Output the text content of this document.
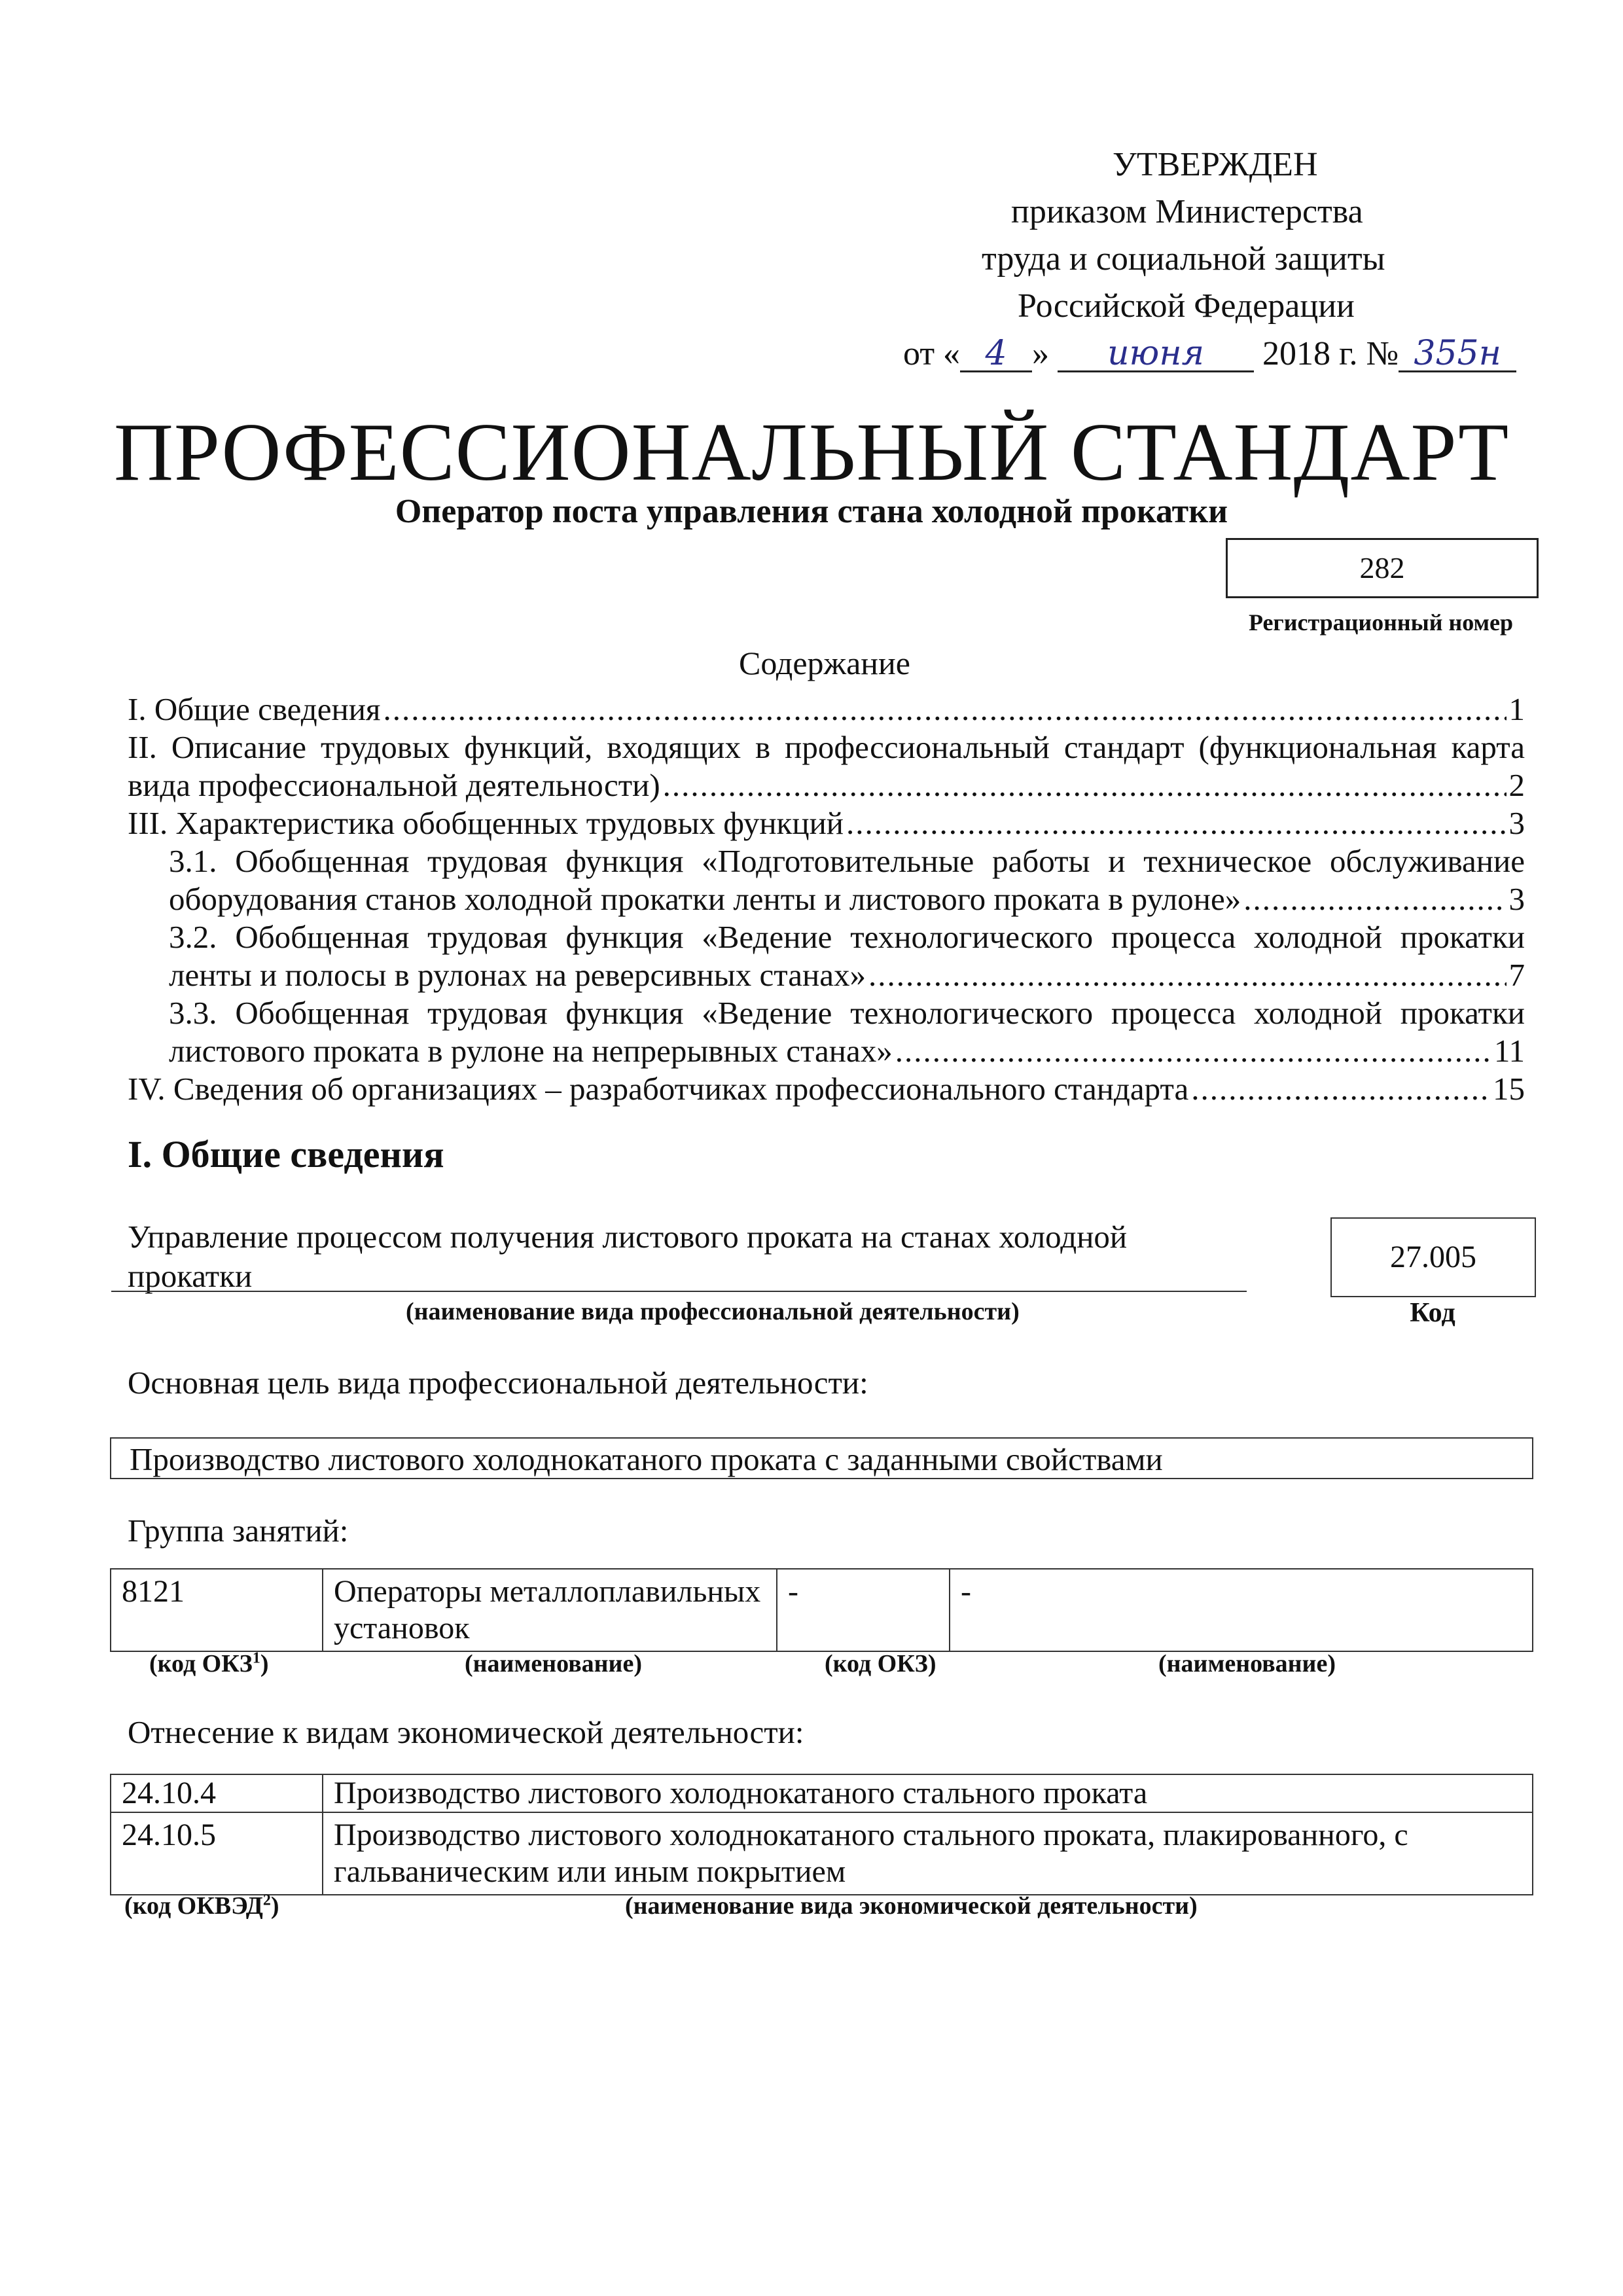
УТВЕРЖДЕН
приказом Министерства
труда и социальной защиты
Российской Федерации
от « 4 » июня 2018 г. № 355н
ПРОФЕССИОНАЛЬНЫЙ СТАНДАРТ
Оператор поста управления стана холодной прокатки
282
Регистрационный номер
Содержание
I. Общие сведения .....	1
II. Описание трудовых функций, входящих в профессиональный стандарт (функциональная карта
вида профессиональной деятельности) .....	2
III. Характеристика обобщенных трудовых функций .....	3
3.1. Обобщенная трудовая функция «Подготовительные работы и техническое обслуживание
оборудования станов холодной прокатки ленты и листового проката в рулоне» .....	3
3.2. Обобщенная трудовая функция «Ведение технологического процесса холодной прокатки
ленты и полосы в рулонах на реверсивных станах» .....	7
3.3. Обобщенная трудовая функция «Ведение технологического процесса холодной прокатки
листового проката в рулоне на непрерывных станах» .....	11
IV. Сведения об организациях – разработчиках профессионального стандарта .....	15
I. Общие сведения
Управление процессом получения листового проката на станах холодной прокатки
(наименование вида профессиональной деятельности)
27.005
Код
Основная цель вида профессиональной деятельности:
Производство листового холоднокатаного проката с заданными свойствами
Группа занятий:
8121	Операторы металлоплавильных установок	-	-
(код ОКЗ$^1$)	(наименование)	(код ОКЗ)	(наименование)
Отнесение к видам экономической деятельности:
24.10.4	Производство листового холоднокатаного стального проката
24.10.5	Производство листового холоднокатаного стального проката, плакированного, с гальваническим или иным покрытием
(код ОКВЭД$^2$)	(наименование вида экономической деятельности)
